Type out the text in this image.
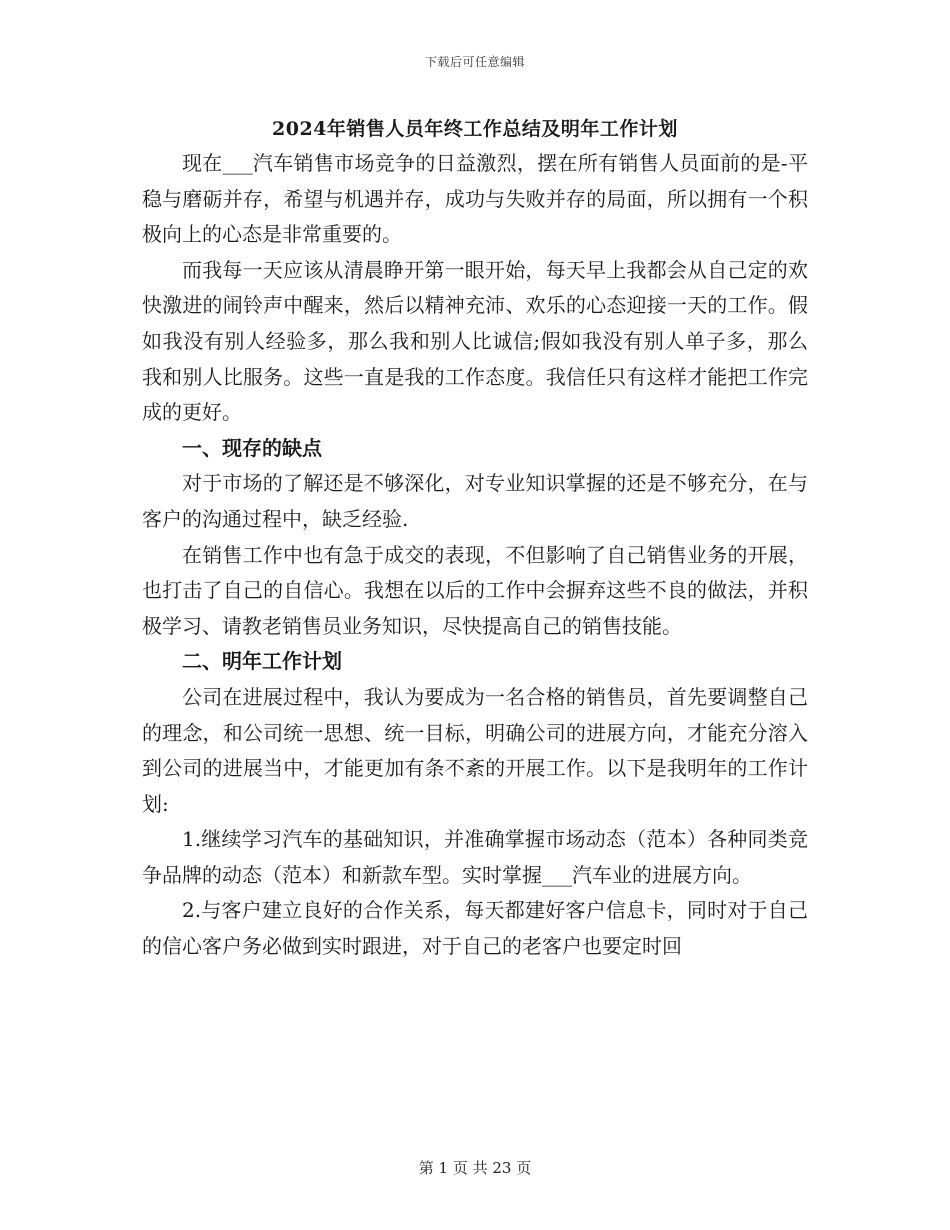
下载后可任意编辑
2024年销售人员年终工作总结及明年工作计划

现在___汽车销售市场竞争的日益激烈，摆在所有销售人员面前的是-平稳与磨砺并存，希望与机遇并存，成功与失败并存的局面，所以拥有一个积极向上的心态是非常重要的。

而我每一天应该从清晨睁开第一眼开始，每天早上我都会从自己定的欢快激进的闹铃声中醒来，然后以精神充沛、欢乐的心态迎接一天的工作。假如我没有别人经验多，那么我和别人比诚信;假如我没有别人单子多，那么我和别人比服务。这些一直是我的工作态度。我信任只有这样才能把工作完成的更好。

一、现存的缺点

对于市场的了解还是不够深化，对专业知识掌握的还是不够充分，在与客户的沟通过程中，缺乏经验.

在销售工作中也有急于成交的表现，不但影响了自己销售业务的开展，也打击了自己的自信心。我想在以后的工作中会摒弃这些不良的做法，并积极学习、请教老销售员业务知识，尽快提高自己的销售技能。

二、明年工作计划

公司在进展过程中，我认为要成为一名合格的销售员，首先要调整自己的理念，和公司统一思想、统一目标，明确公司的进展方向，才能充分溶入到公司的进展当中，才能更加有条不紊的开展工作。以下是我明年的工作计划:

1.继续学习汽车的基础知识，并准确掌握市场动态（范本）各种同类竞争品牌的动态（范本）和新款车型。实时掌握___汽车业的进展方向。

2.与客户建立良好的合作关系，每天都建好客户信息卡，同时对于自己的信心客户务必做到实时跟进，对于自己的老客户也要定时回

第 1 页 共 23 页
